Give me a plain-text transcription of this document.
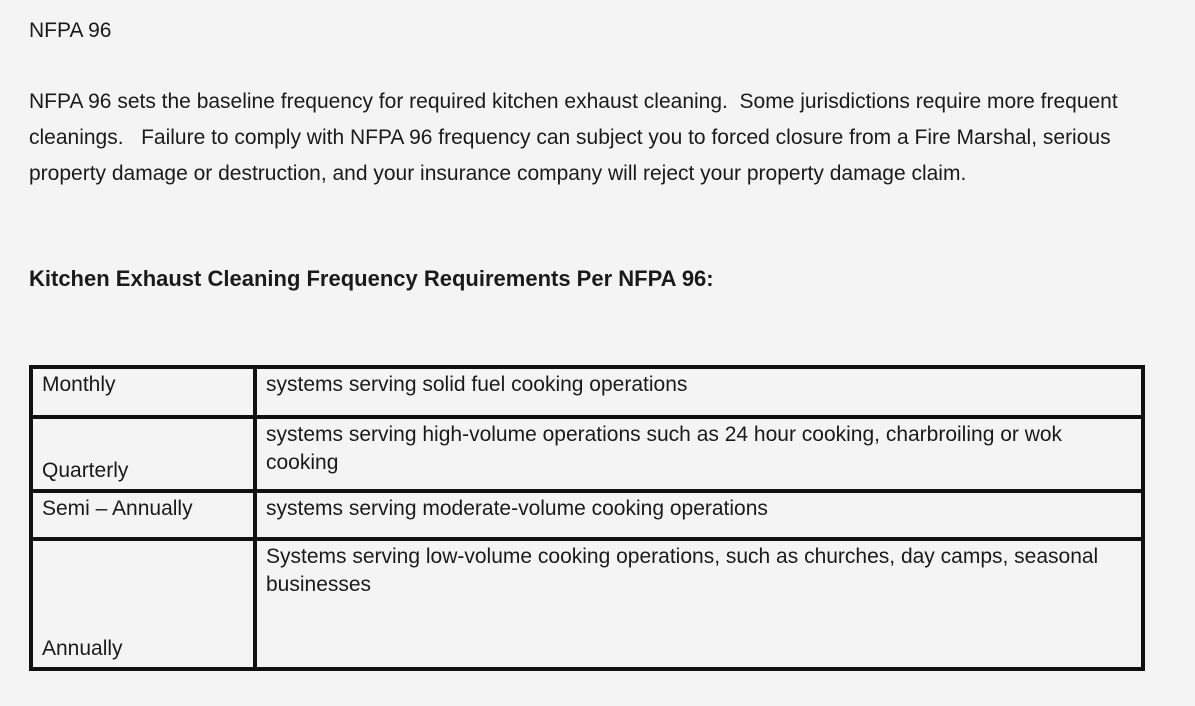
NFPA 96

NFPA 96 sets the baseline frequency for required kitchen exhaust cleaning.  Some jurisdictions require more frequent cleanings.   Failure to comply with NFPA 96 frequency can subject you to forced closure from a Fire Marshal, serious property damage or destruction, and your insurance company will reject your property damage claim.

Kitchen Exhaust Cleaning Frequency Requirements Per NFPA 96:

Monthly	systems serving solid fuel cooking operations
Quarterly	systems serving high-volume operations such as 24 hour cooking, charbroiling or wok cooking
Semi – Annually	systems serving moderate-volume cooking operations
Annually	Systems serving low-volume cooking operations, such as churches, day camps, seasonal businesses
